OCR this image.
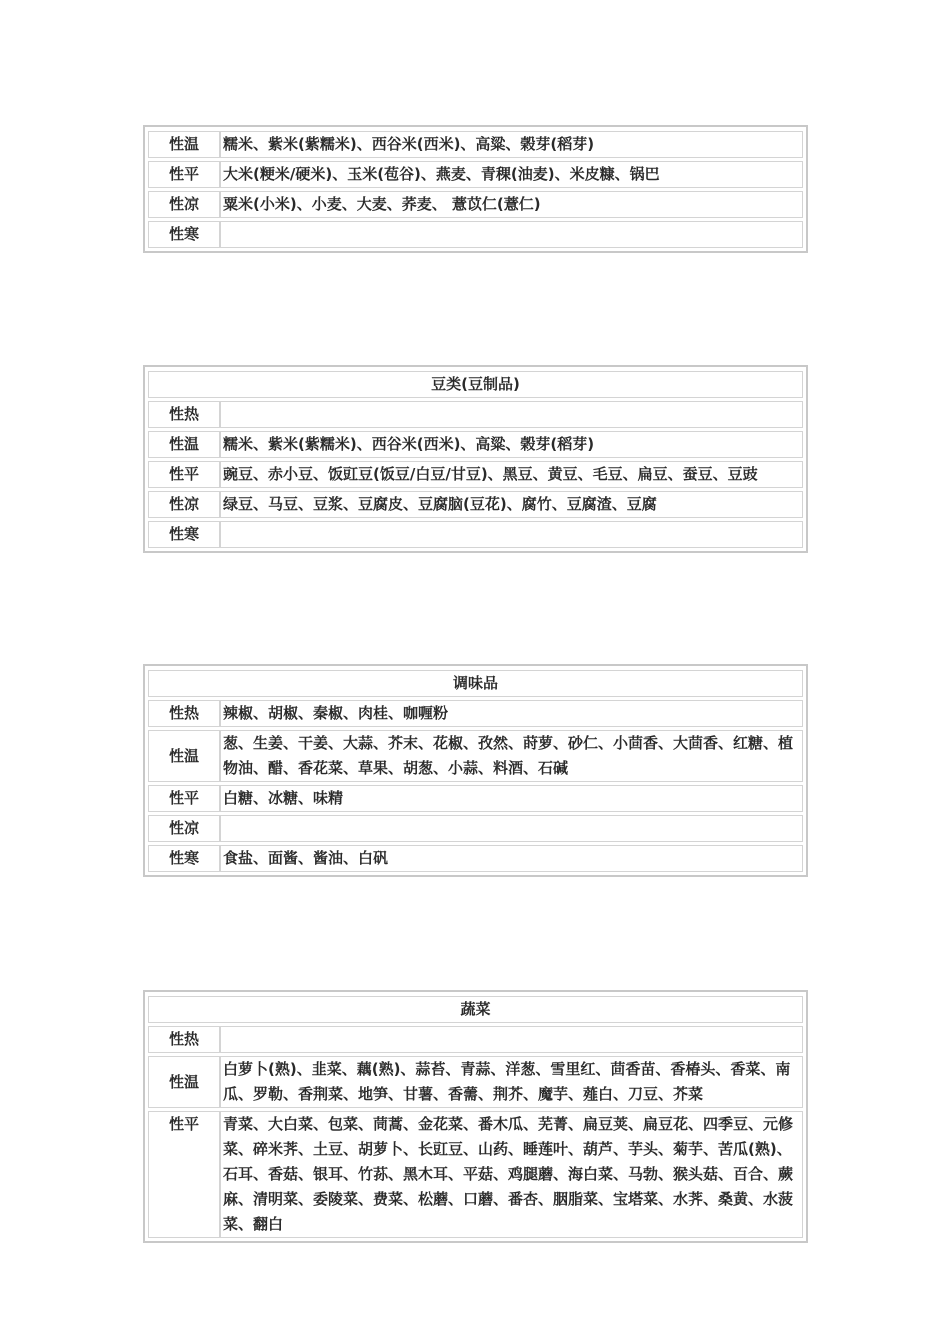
性温	糯米、紫米(紫糯米)、西谷米(西米)、高粱、榖芽(稻芽)
性平	大米(粳米/硬米)、玉米(苞谷)、燕麦、青稞(油麦)、米皮糠、锅巴
性凉	粟米(小米)、小麦、大麦、荞麦、 薏苡仁(薏仁)
性寒	
豆类(豆制品)	
性热	
性温	糯米、紫米(紫糯米)、西谷米(西米)、高粱、榖芽(稻芽)
性平	豌豆、赤小豆、饭豇豆(饭豆/白豆/甘豆)、黑豆、黄豆、毛豆、扁豆、蚕豆、豆豉
性凉	绿豆、马豆、豆浆、豆腐皮、豆腐脑(豆花)、腐竹、豆腐渣、豆腐
性寒	
调味品	
性热	辣椒、胡椒、秦椒、肉桂、咖喱粉
性温	葱、生姜、干姜、大蒜、芥末、花椒、孜然、莳萝、砂仁、小茴香、大茴香、红糖、植物油、醋、香花菜、草果、胡葱、小蒜、料酒、石碱
性平	白糖、冰糖、味精
性凉	
性寒	食盐、面酱、酱油、白矾
蔬菜	
性热	
性温	白萝卜(熟)、韭菜、藕(熟)、蒜苔、青蒜、洋葱、雪里红、茴香苗、香椿头、香菜、南瓜、罗勒、香荆菜、地笋、甘薯、香薷、荆芥、魔芋、薤白、刀豆、芥菜
性平	青菜、大白菜、包菜、茼蒿、金花菜、番木瓜、芜菁、扁豆荚、扁豆花、四季豆、元修菜、碎米荠、土豆、胡萝卜、长豇豆、山药、睡莲叶、葫芦、芋头、菊芋、苦瓜(熟)、石耳、香菇、银耳、竹荪、黑木耳、平菇、鸡腿蘑、海白菜、马勃、猴头菇、百合、蕨麻、清明菜、委陵菜、费菜、松蘑、口蘑、番杏、胭脂菜、宝塔菜、水荠、桑黄、水菠菜、翻白
